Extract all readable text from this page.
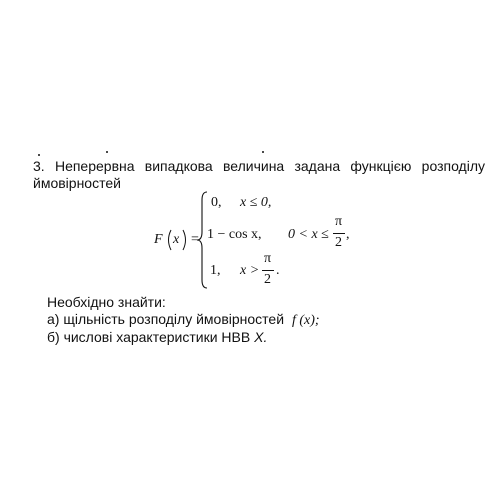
3. Неперервна випадкова величина задана функцією розподілу
ймовірностей
F x =
0, x ≤ 0,
1 − cos x, 0 < x ≤
π
2
,
1, x >
π
2
.
Необхідно знайти:
а) щільність розподілу ймовірностей f (x);
б) числові характеристики НВВ X.
